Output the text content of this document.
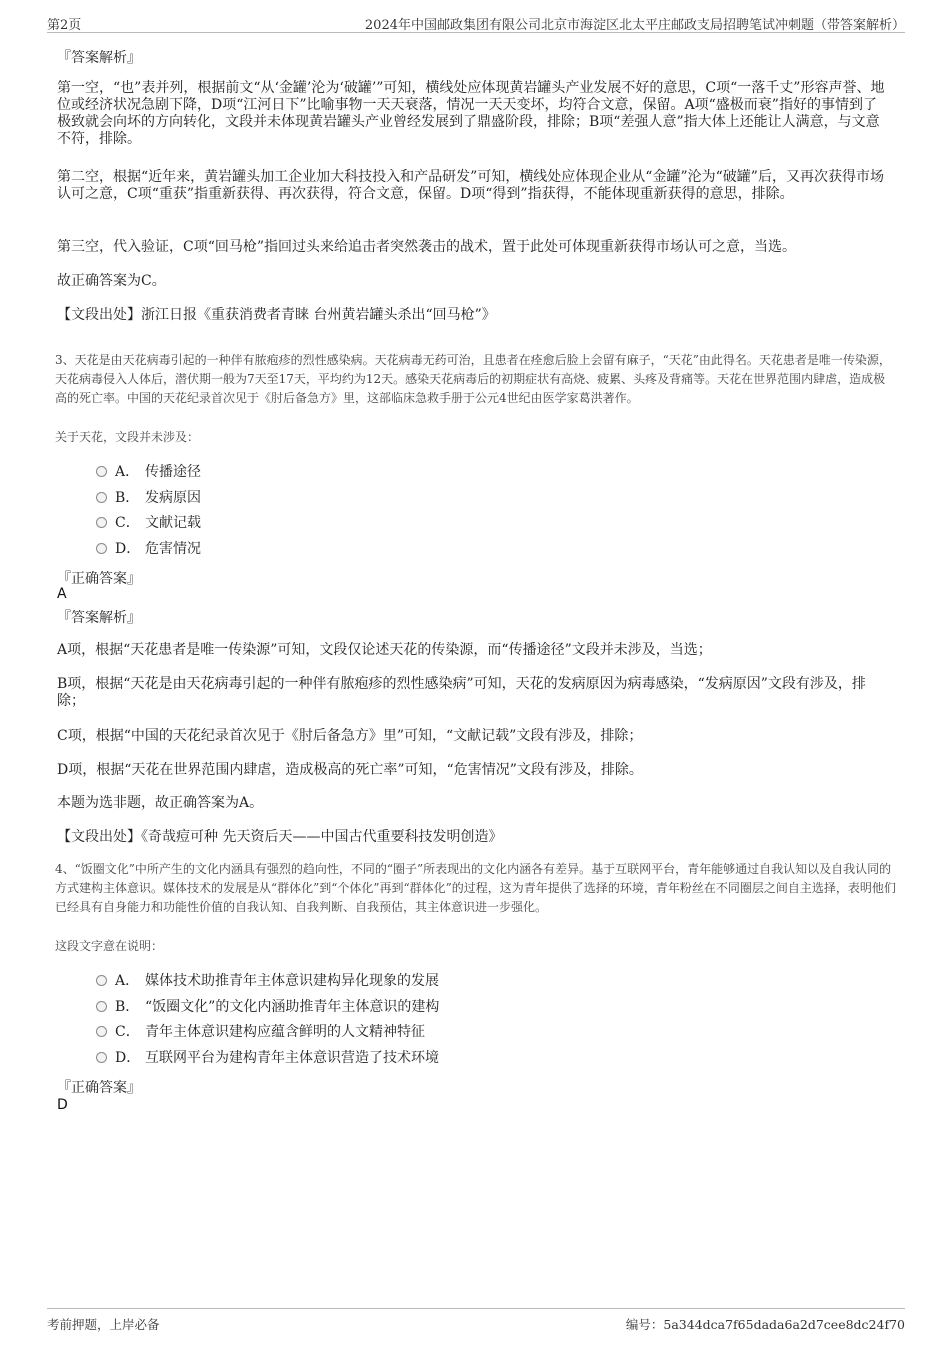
第2页	2024年中国邮政集团有限公司北京市海淀区北太平庄邮政支局招聘笔试冲刺题（带答案解析）
『答案解析』
第一空，“也”表并列，根据前文“从‘金罐’沦为‘破罐’”可知，横线处应体现黄岩罐头产业发展不好的意思，C项“一落千丈”形容声誉、地位或经济状况急剧下降，D项“江河日下”比喻事物一天天衰落，情况一天天变坏，均符合文意，保留。A项“盛极而衰”指好的事情到了极致就会向坏的方向转化，文段并未体现黄岩罐头产业曾经发展到了鼎盛阶段，排除；B项“差强人意”指大体上还能让人满意，与文意不符，排除。
第二空，根据“近年来，黄岩罐头加工企业加大科技投入和产品研发”可知，横线处应体现企业从“金罐”沦为“破罐”后，又再次获得市场认可之意，C项“重获”指重新获得、再次获得，符合文意，保留。D项“得到”指获得，不能体现重新获得的意思，排除。
第三空，代入验证，C项“回马枪”指回过头来给追击者突然袭击的战术，置于此处可体现重新获得市场认可之意，当选。
故正确答案为C。
【文段出处】浙江日报《重获消费者青睐 台州黄岩罐头杀出“回马枪”》
3、天花是由天花病毒引起的一种伴有脓疱疹的烈性感染病。天花病毒无药可治，且患者在痊愈后脸上会留有麻子，“天花”由此得名。天花患者是唯一传染源，天花病毒侵入人体后，潜伏期一般为7天至17天，平均约为12天。感染天花病毒后的初期症状有高烧、疲累、头疼及背痛等。天花在世界范围内肆虐，造成极高的死亡率。中国的天花纪录首次见于《肘后备急方》里，这部临床急救手册于公元4世纪由医学家葛洪著作。
关于天花，文段并未涉及：
A． 传播途径
B． 发病原因
C． 文献记载
D． 危害情况
『正确答案』
A
『答案解析』
A项，根据“天花患者是唯一传染源”可知，文段仅论述天花的传染源，而“传播途径”文段并未涉及，当选；
B项，根据“天花是由天花病毒引起的一种伴有脓疱疹的烈性感染病”可知，天花的发病原因为病毒感染，“发病原因”文段有涉及，排除；
C项，根据“中国的天花纪录首次见于《肘后备急方》里”可知，“文献记载”文段有涉及，排除；
D项，根据“天花在世界范围内肆虐，造成极高的死亡率”可知，“危害情况”文段有涉及，排除。
本题为选非题，故正确答案为A。
【文段出处】《奇哉痘可种 先天资后天——中国古代重要科技发明创造》
4、“饭圈文化”中所产生的文化内涵具有强烈的趋向性，不同的“圈子”所表现出的文化内涵各有差异。基于互联网平台，青年能够通过自我认知以及自我认同的方式建构主体意识。媒体技术的发展是从“群体化”到“个体化”再到“群体化”的过程，这为青年提供了选择的环境，青年粉丝在不同圈层之间自主选择，表明他们已经具有自身能力和功能性价值的自我认知、自我判断、自我预估，其主体意识进一步强化。
这段文字意在说明：
A． 媒体技术助推青年主体意识建构异化现象的发展
B． “饭圈文化”的文化内涵助推青年主体意识的建构
C． 青年主体意识建构应蕴含鲜明的人文精神特征
D． 互联网平台为建构青年主体意识营造了技术环境
『正确答案』
D
考前押题，上岸必备	编号：5a344dca7f65dada6a2d7cee8dc24f70
